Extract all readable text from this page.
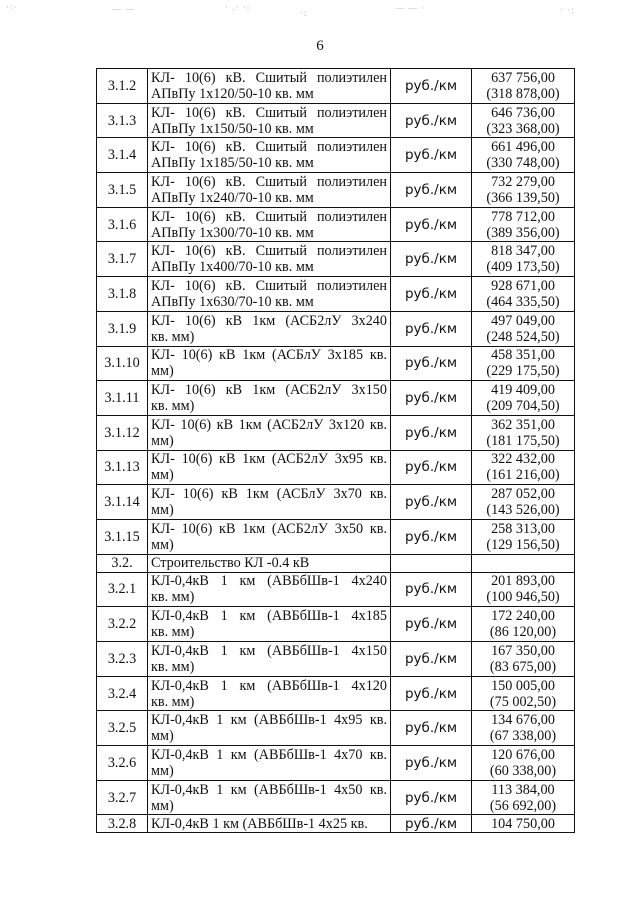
·:·	— —	· .· ·:
·:	— — ·	· ·:
6
3.1.2	КЛ- 10(6) кВ. Сшитый полиэтилен
АПвПу 1х120/50-10 кв. мм	руб./км	637 756,00
(318 878,00)

3.1.3	КЛ- 10(6) кВ. Сшитый полиэтилен
АПвПу 1х150/50-10 кв. мм	руб./км	646 736,00
(323 368,00)

3.1.4	КЛ- 10(6) кВ. Сшитый полиэтилен
АПвПу 1х185/50-10 кв. мм	руб./км	661 496,00
(330 748,00)

3.1.5	КЛ- 10(6) кВ. Сшитый полиэтилен
АПвПу 1х240/70-10 кв. мм	руб./км	732 279,00
(366 139,50)

3.1.6	КЛ- 10(6) кВ. Сшитый полиэтилен
АПвПу 1х300/70-10 кв. мм	руб./км	778 712,00
(389 356,00)

3.1.7	КЛ- 10(6) кВ. Сшитый полиэтилен
АПвПу 1х400/70-10 кв. мм	руб./км	818 347,00
(409 173,50)

3.1.8	КЛ- 10(6) кВ. Сшитый полиэтилен
АПвПу 1х630/70-10 кв. мм	руб./км	928 671,00
(464 335,50)

3.1.9	КЛ- 10(6) кВ 1км (АСБ2лУ 3х240
кв. мм)	руб./км	497 049,00
(248 524,50)

3.1.10	КЛ- 10(6) кВ 1км (АСБлУ 3х185 кв.
мм)	руб./км	458 351,00
(229 175,50)

3.1.11	КЛ- 10(6) кВ 1км (АСБ2лУ 3х150
кв. мм)	руб./км	419 409,00
(209 704,50)

3.1.12	КЛ- 10(6) кВ 1км (АСБ2лУ 3х120 кв.
мм)	руб./км	362 351,00
(181 175,50)

3.1.13	КЛ- 10(6) кВ 1км (АСБ2лУ 3х95 кв.
мм)	руб./км	322 432,00
(161 216,00)

3.1.14	КЛ- 10(6) кВ 1км (АСБлУ 3х70 кв.
мм)	руб./км	287 052,00
(143 526,00)

3.1.15	КЛ- 10(6) кВ 1км (АСБ2лУ 3х50 кв.
мм)	руб./км	258 313,00
(129 156,50)

3.2.	Строительство КЛ -0.4 кВ		

3.2.1	КЛ-0,4кВ 1 км (АВБбШв-1 4х240
кв. мм)	руб./км	201 893,00
(100 946,50)

3.2.2	КЛ-0,4кВ 1 км (АВБбШв-1 4х185
кв. мм)	руб./км	172 240,00
(86 120,00)

3.2.3	КЛ-0,4кВ 1 км (АВБбШв-1 4х150
кв. мм)	руб./км	167 350,00
(83 675,00)

3.2.4	КЛ-0,4кВ 1 км (АВБбШв-1 4х120
кв. мм)	руб./км	150 005,00
(75 002,50)

3.2.5	КЛ-0,4кВ 1 км (АВБбШв-1 4х95 кв.
мм)	руб./км	134 676,00
(67 338,00)

3.2.6	КЛ-0,4кВ 1 км (АВБбШв-1 4х70 кв.
мм)	руб./км	120 676,00
(60 338,00)

3.2.7	КЛ-0,4кВ 1 км (АВБбШв-1 4х50 кв.
мм)	руб./км	113 384,00
(56 692,00)

3.2.8	КЛ-0,4кВ 1 км (АВБбШв-1 4х25 кв.	руб./км	104 750,00
